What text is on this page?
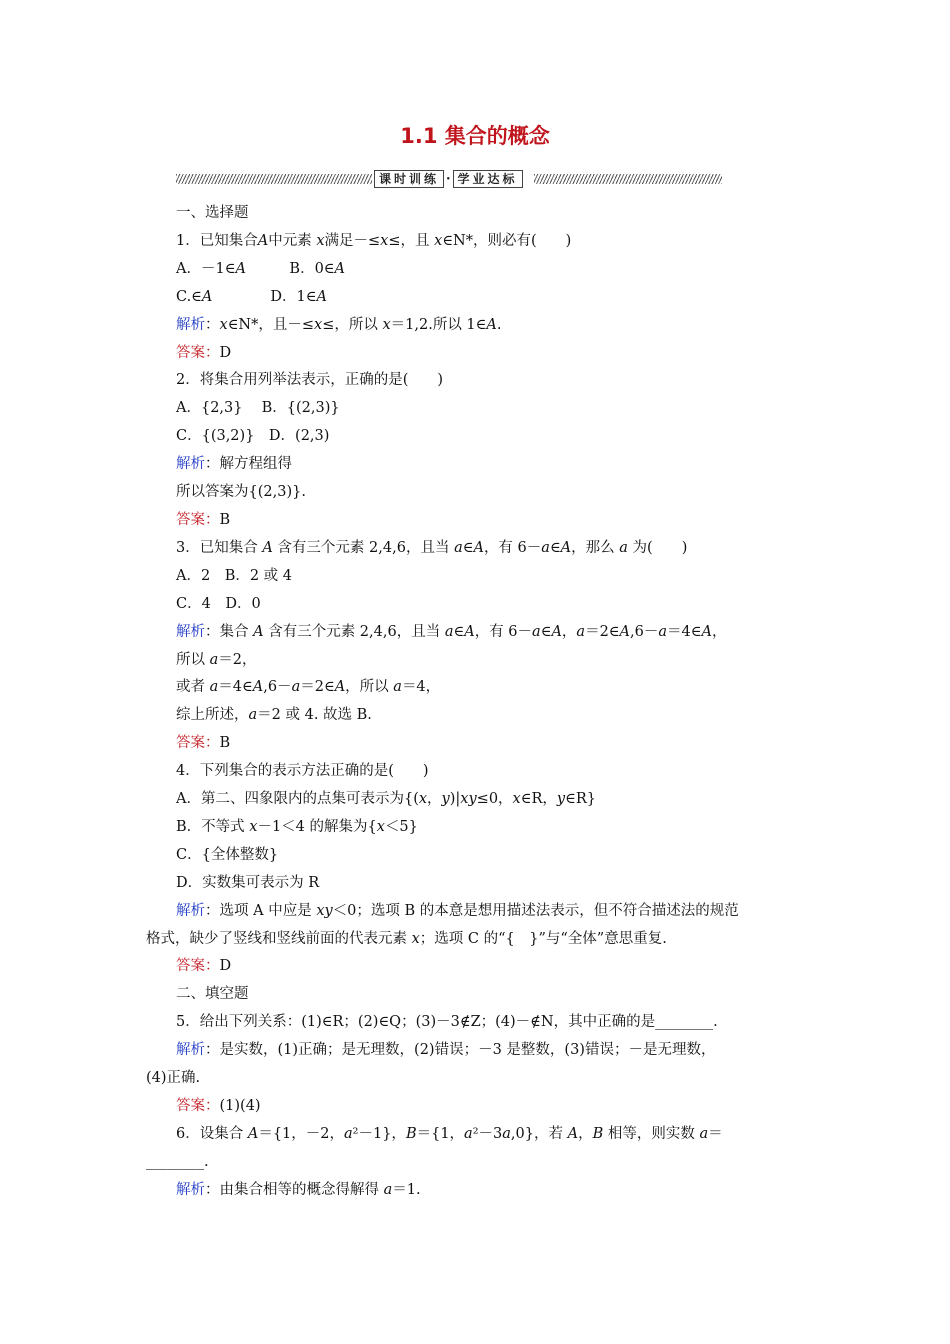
1.1 集合的概念
课时训练 · 学业达标
一、选择题
1．已知集合A中元素 x满足－≤x≤，且 x∈N*，则必有(　　)
A．－1∈A　　　B．0∈A
C.∈A　　　　D．1∈A
解析：x∈N*，且－≤x≤，所以 x＝1,2.所以 1∈A.
答案：D
2．将集合用列举法表示，正确的是(　　)
A．{2,3}　 B．{(2,3)}
C．{(3,2)}　D．(2,3)
解析：解方程组得
所以答案为{(2,3)}.
答案：B
3．已知集合 A 含有三个元素 2,4,6，且当 a∈A，有 6－a∈A，那么 a 为(　　)
A．2　B．2 或 4
C．4　D．0
解析：集合 A 含有三个元素 2,4,6，且当 a∈A，有 6－a∈A，a＝2∈A,6－a＝4∈A，
所以 a＝2，
或者 a＝4∈A,6－a＝2∈A，所以 a＝4，
综上所述，a＝2 或 4. 故选 B.
答案：B
4．下列集合的表示方法正确的是(　　)
A．第二、四象限内的点集可表示为{(x，y)|xy≤0，x∈R，y∈R}
B．不等式 x－1＜4 的解集为{x＜5}
C．{全体整数}
D．实数集可表示为 R
解析：选项 A 中应是 xy＜0；选项 B 的本意是想用描述法表示，但不符合描述法的规范
格式，缺少了竖线和竖线前面的代表元素 x；选项 C 的“{　}”与“全体”意思重复.
答案：D
二、填空题
5．给出下列关系：(1)∈R；(2)∈Q；(3)－3∉Z；(4)－∉N，其中正确的是________.
解析：是实数，(1)正确；是无理数，(2)错误；－3 是整数，(3)错误；－是无理数，
(4)正确.
答案：(1)(4)
6．设集合 A＝{1，－2，a²－1}，B＝{1，a²－3a,0}，若 A，B 相等，则实数 a＝
________.
解析：由集合相等的概念得解得 a＝1.
